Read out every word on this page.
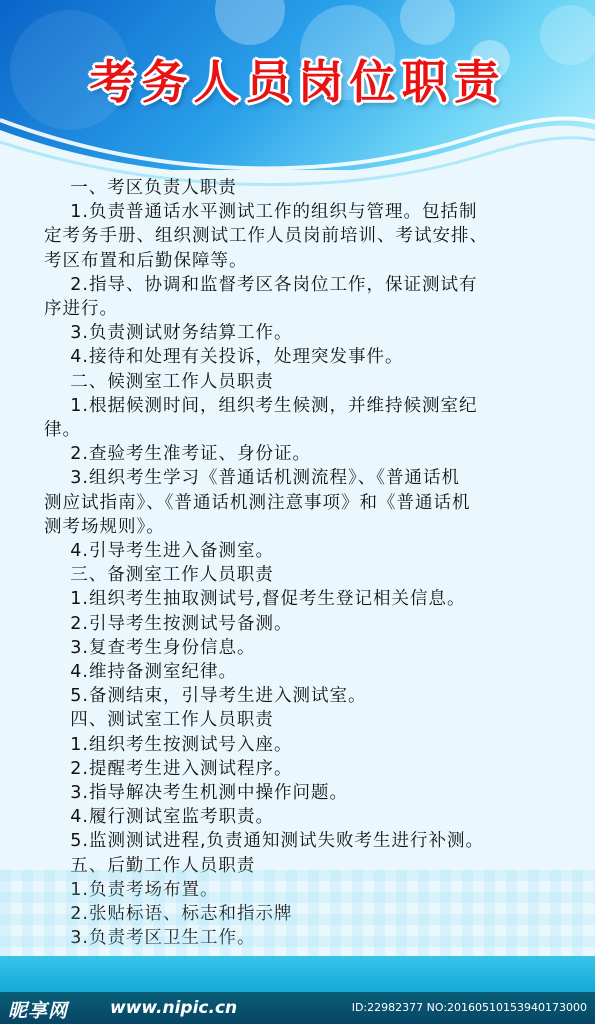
考务人员岗位职责
一、考区负责人职责
1.负责普通话水平测试工作的组织与管理。包括制
定考务手册、组织测试工作人员岗前培训、考试安排、
考区布置和后勤保障等。
2.指导、协调和监督考区各岗位工作，保证测试有
序进行。
3.负责测试财务结算工作。
4.接待和处理有关投诉，处理突发事件。
二、候测室工作人员职责
1.根据候测时间，组织考生候测，并维持候测室纪
律。
2.查验考生准考证、身份证。
3.组织考生学习《普通话机测流程》、《普通话机
测应试指南》、《普通话机测注意事项》和《普通话机
测考场规则》。
4.引导考生进入备测室。
三、备测室工作人员职责
1.组织考生抽取测试号,督促考生登记相关信息。
2.引导考生按测试号备测。
3.复查考生身份信息。
4.维持备测室纪律。
5.备测结束，引导考生进入测试室。
四、测试室工作人员职责
1.组织考生按测试号入座。
2.提醒考生进入测试程序。
3.指导解决考生机测中操作问题。
4.履行测试室监考职责。
5.监测测试进程,负责通知测试失败考生进行补测。
五、后勤工作人员职责
1.负责考场布置。
2.张贴标语、标志和指示牌
3.负责考区卫生工作。
昵享网 www.nipic.cn	ID:22982377 NO:20160510153940173000
